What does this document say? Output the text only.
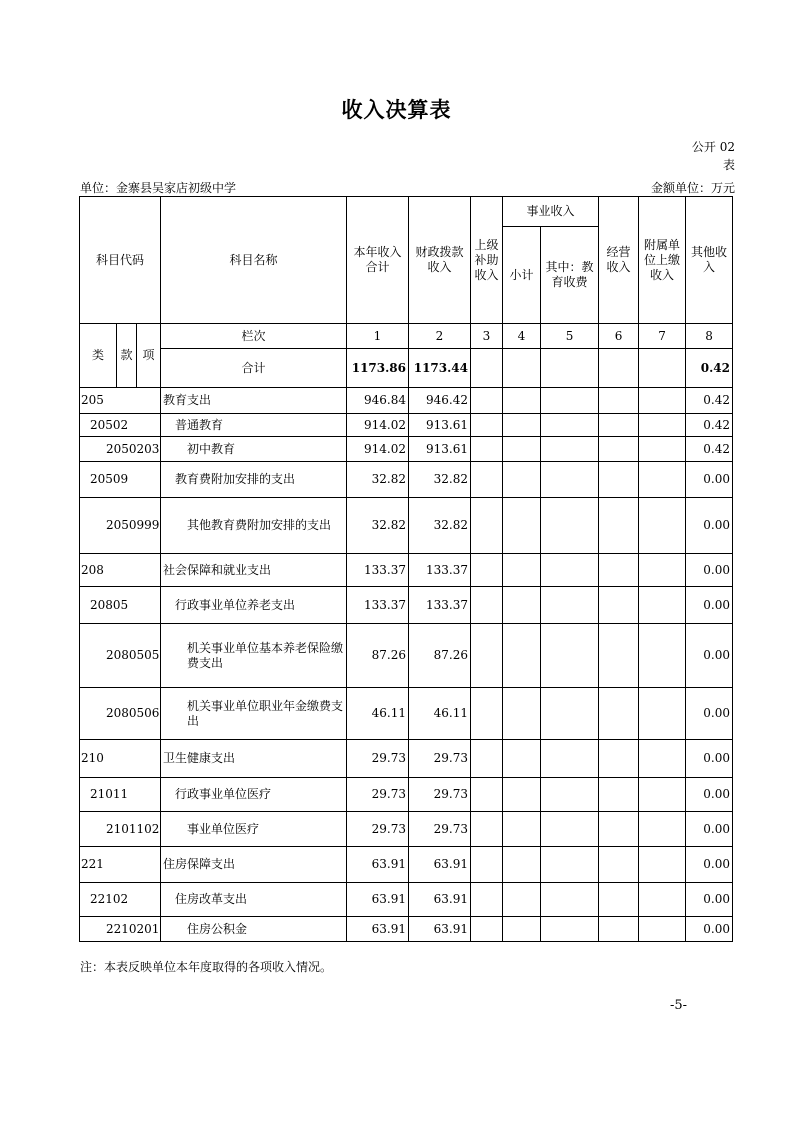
收入决算表
公开 02
表
单位：金寨县吴家店初级中学	金额单位：万元
科目代码			科目名称	本年收入合计	财政拨款收入	上级补助收入	事业收入		经营收入	附属单位上缴收入	其他收入
							小计	其中：教育收费			
类	款	项	栏次	1	2	3	4	5	6	7	8
			合计	1173.86	1173.44						0.42
205			教育支出	946.84	946.42						0.42
20502			普通教育	914.02	913.61						0.42
2050203			初中教育	914.02	913.61						0.42
20509			教育费附加安排的支出	32.82	32.82						0.00
2050999			其他教育费附加安排的支出	32.82	32.82						0.00
208			社会保障和就业支出	133.37	133.37						0.00
20805			行政事业单位养老支出	133.37	133.37						0.00
2080505			机关事业单位基本养老保险缴费支出	87.26	87.26						0.00
2080506			机关事业单位职业年金缴费支出	46.11	46.11						0.00
210			卫生健康支出	29.73	29.73						0.00
21011			行政事业单位医疗	29.73	29.73						0.00
2101102			事业单位医疗	29.73	29.73						0.00
221			住房保障支出	63.91	63.91						0.00
22102			住房改革支出	63.91	63.91						0.00
2210201			住房公积金	63.91	63.91						0.00
注：本表反映单位本年度取得的各项收入情况。
-5-
